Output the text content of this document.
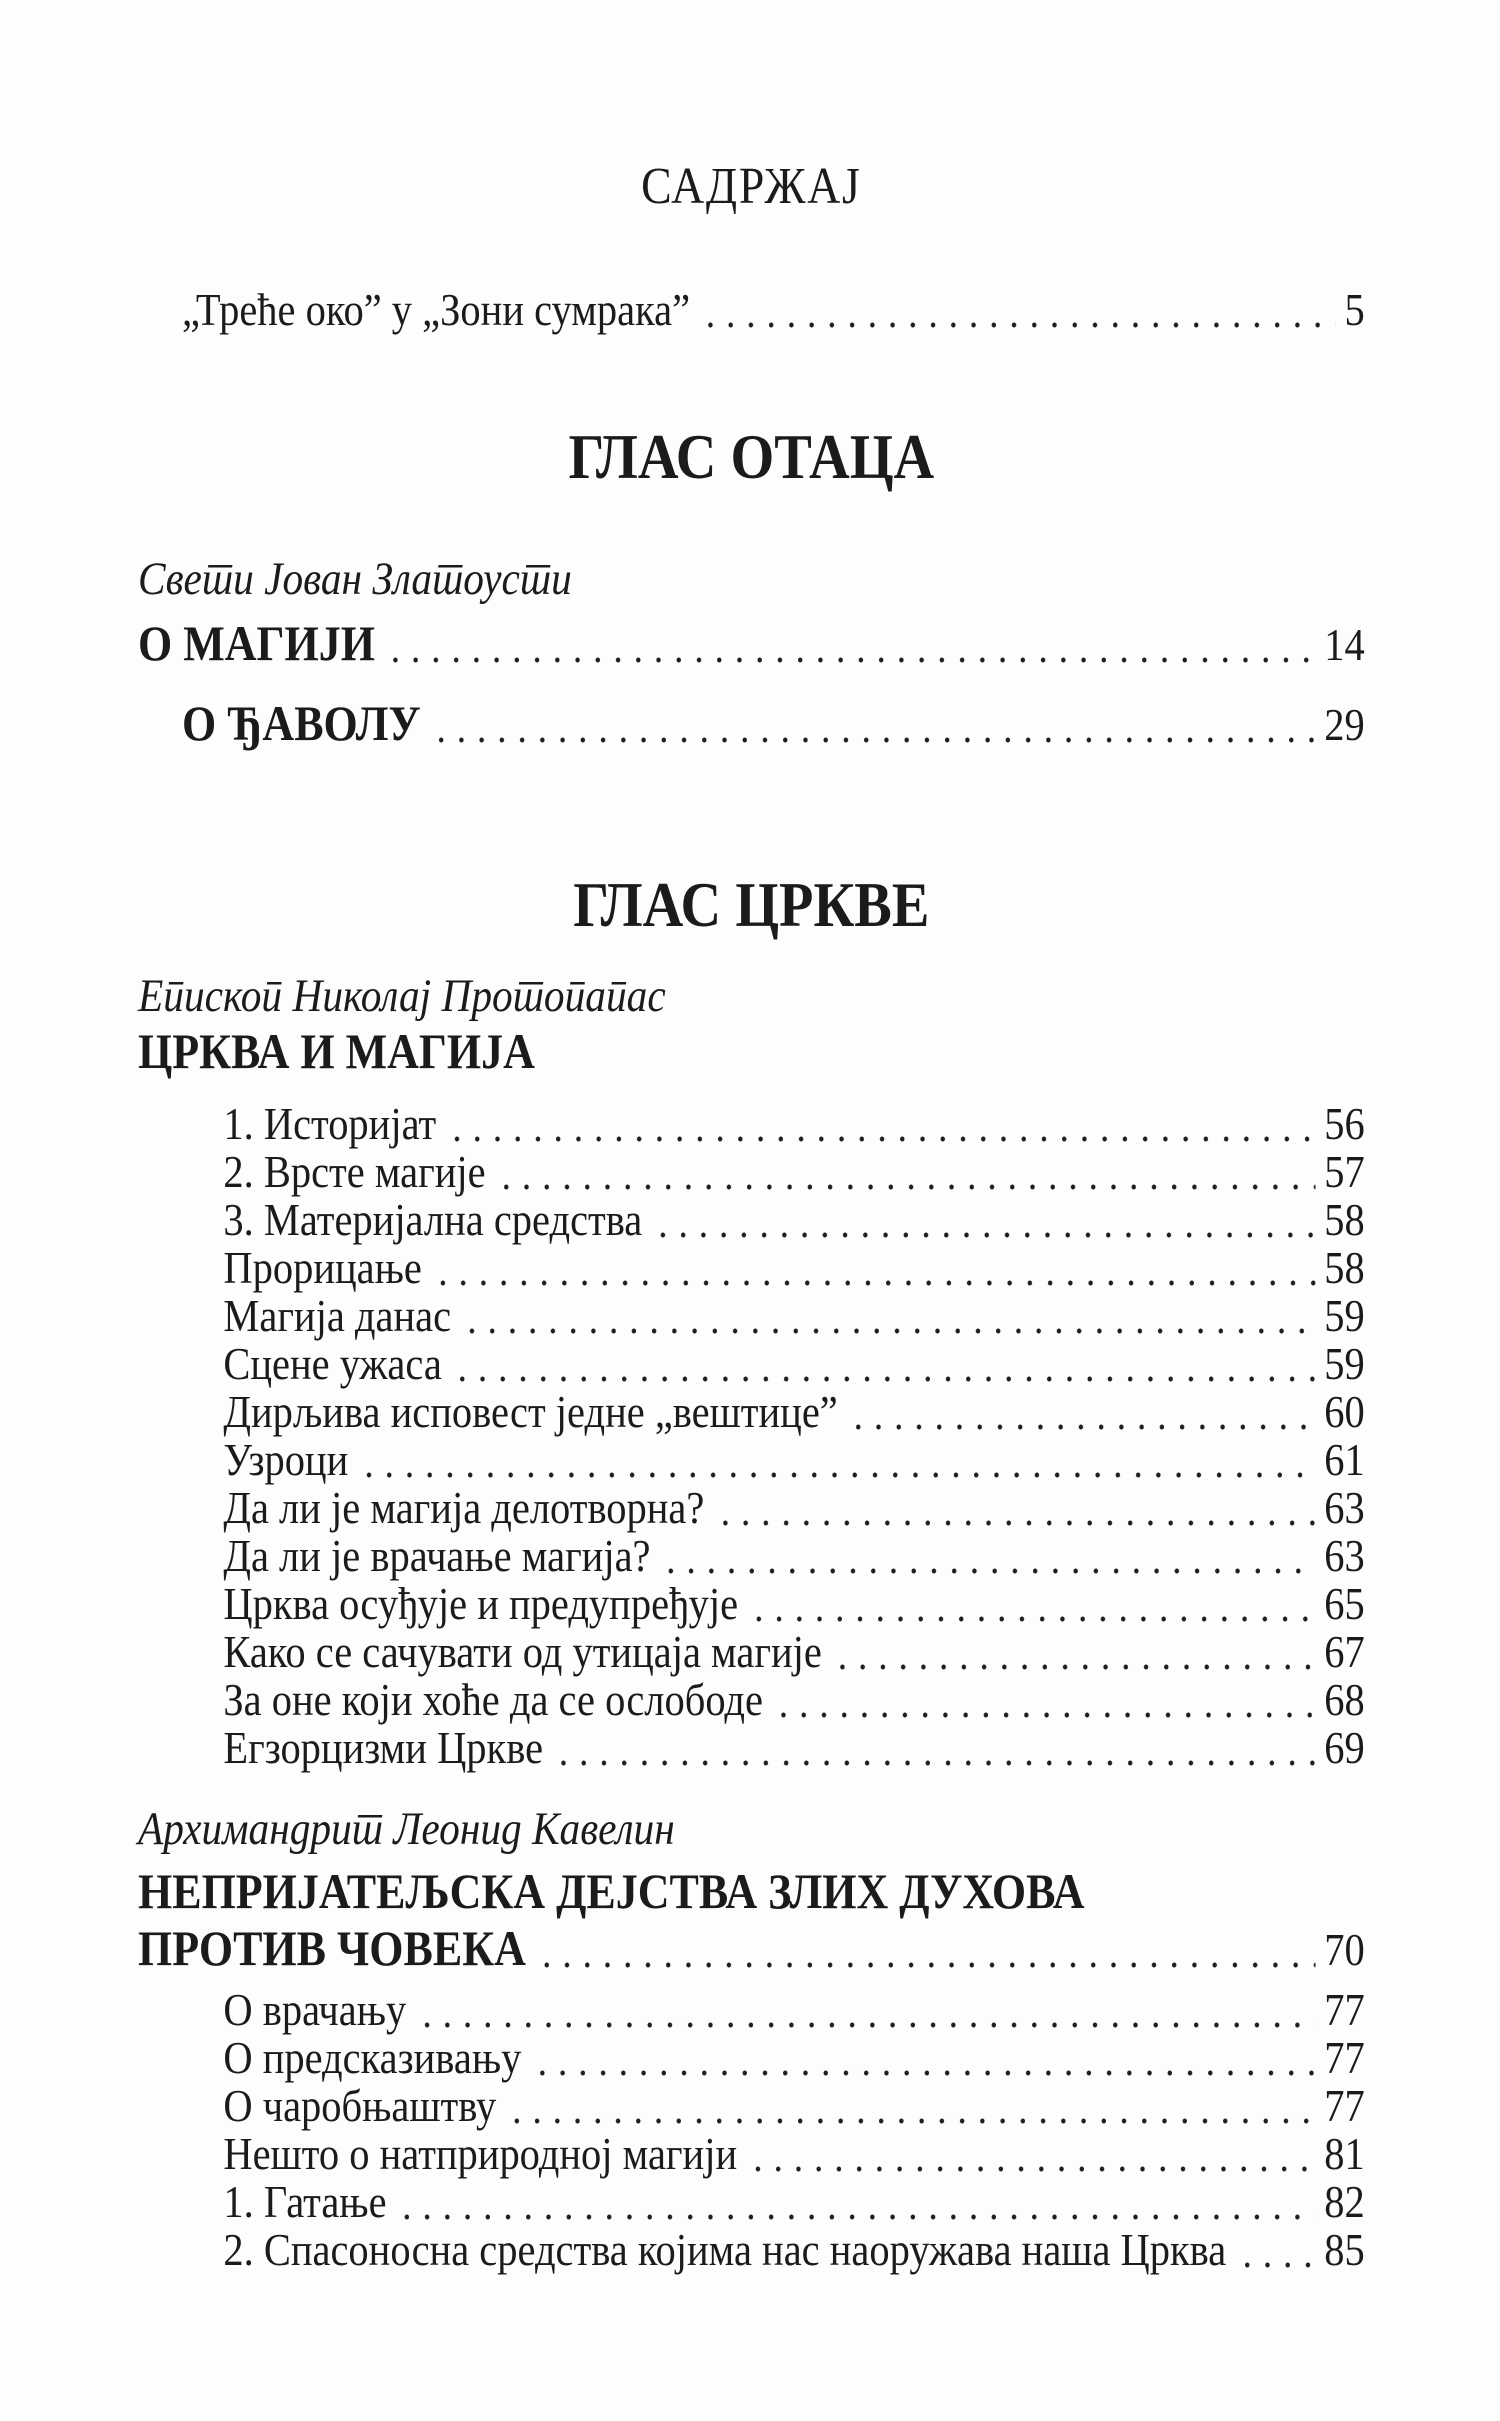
САДРЖАЈ
„Треће око” у „Зони сумрака”	5
ГЛАС ОТАЦА

Свети Јован Златоусти

О МАГИЈИ	14
О ЂАВОЛУ	29
ГЛАС ЦРКВЕ

Епископ Николај Протопапас

ЦРКВА И МАГИЈА
1. Историјат	56
2. Врсте магије	57
3. Материјална средства	58
Прорицање	58
Магија данас	59
Сцене ужаса	59
Дирљива исповест једне „вештице”	60
Узроци	61
Да ли је магија делотворна?	63
Да ли је врачање магија?	63
Црква осуђује и предупређује	65
Како се сачувати од утицаја магије	67
За оне који хоће да се ослободе	68
Егзорцизми Цркве	69

Архимандрит Леонид Кавелин

НЕПРИЈАТЕЉСКА ДЕЈСТВА ЗЛИХ ДУХОВА
ПРОТИВ ЧОВЕКА	70
О врачању	77
О предсказивању	77
О чаробњаштву	77
Нешто о натприродној магији	81
1. Гатање	82
2. Спасоносна средства којима нас наоружава наша Црква 85
